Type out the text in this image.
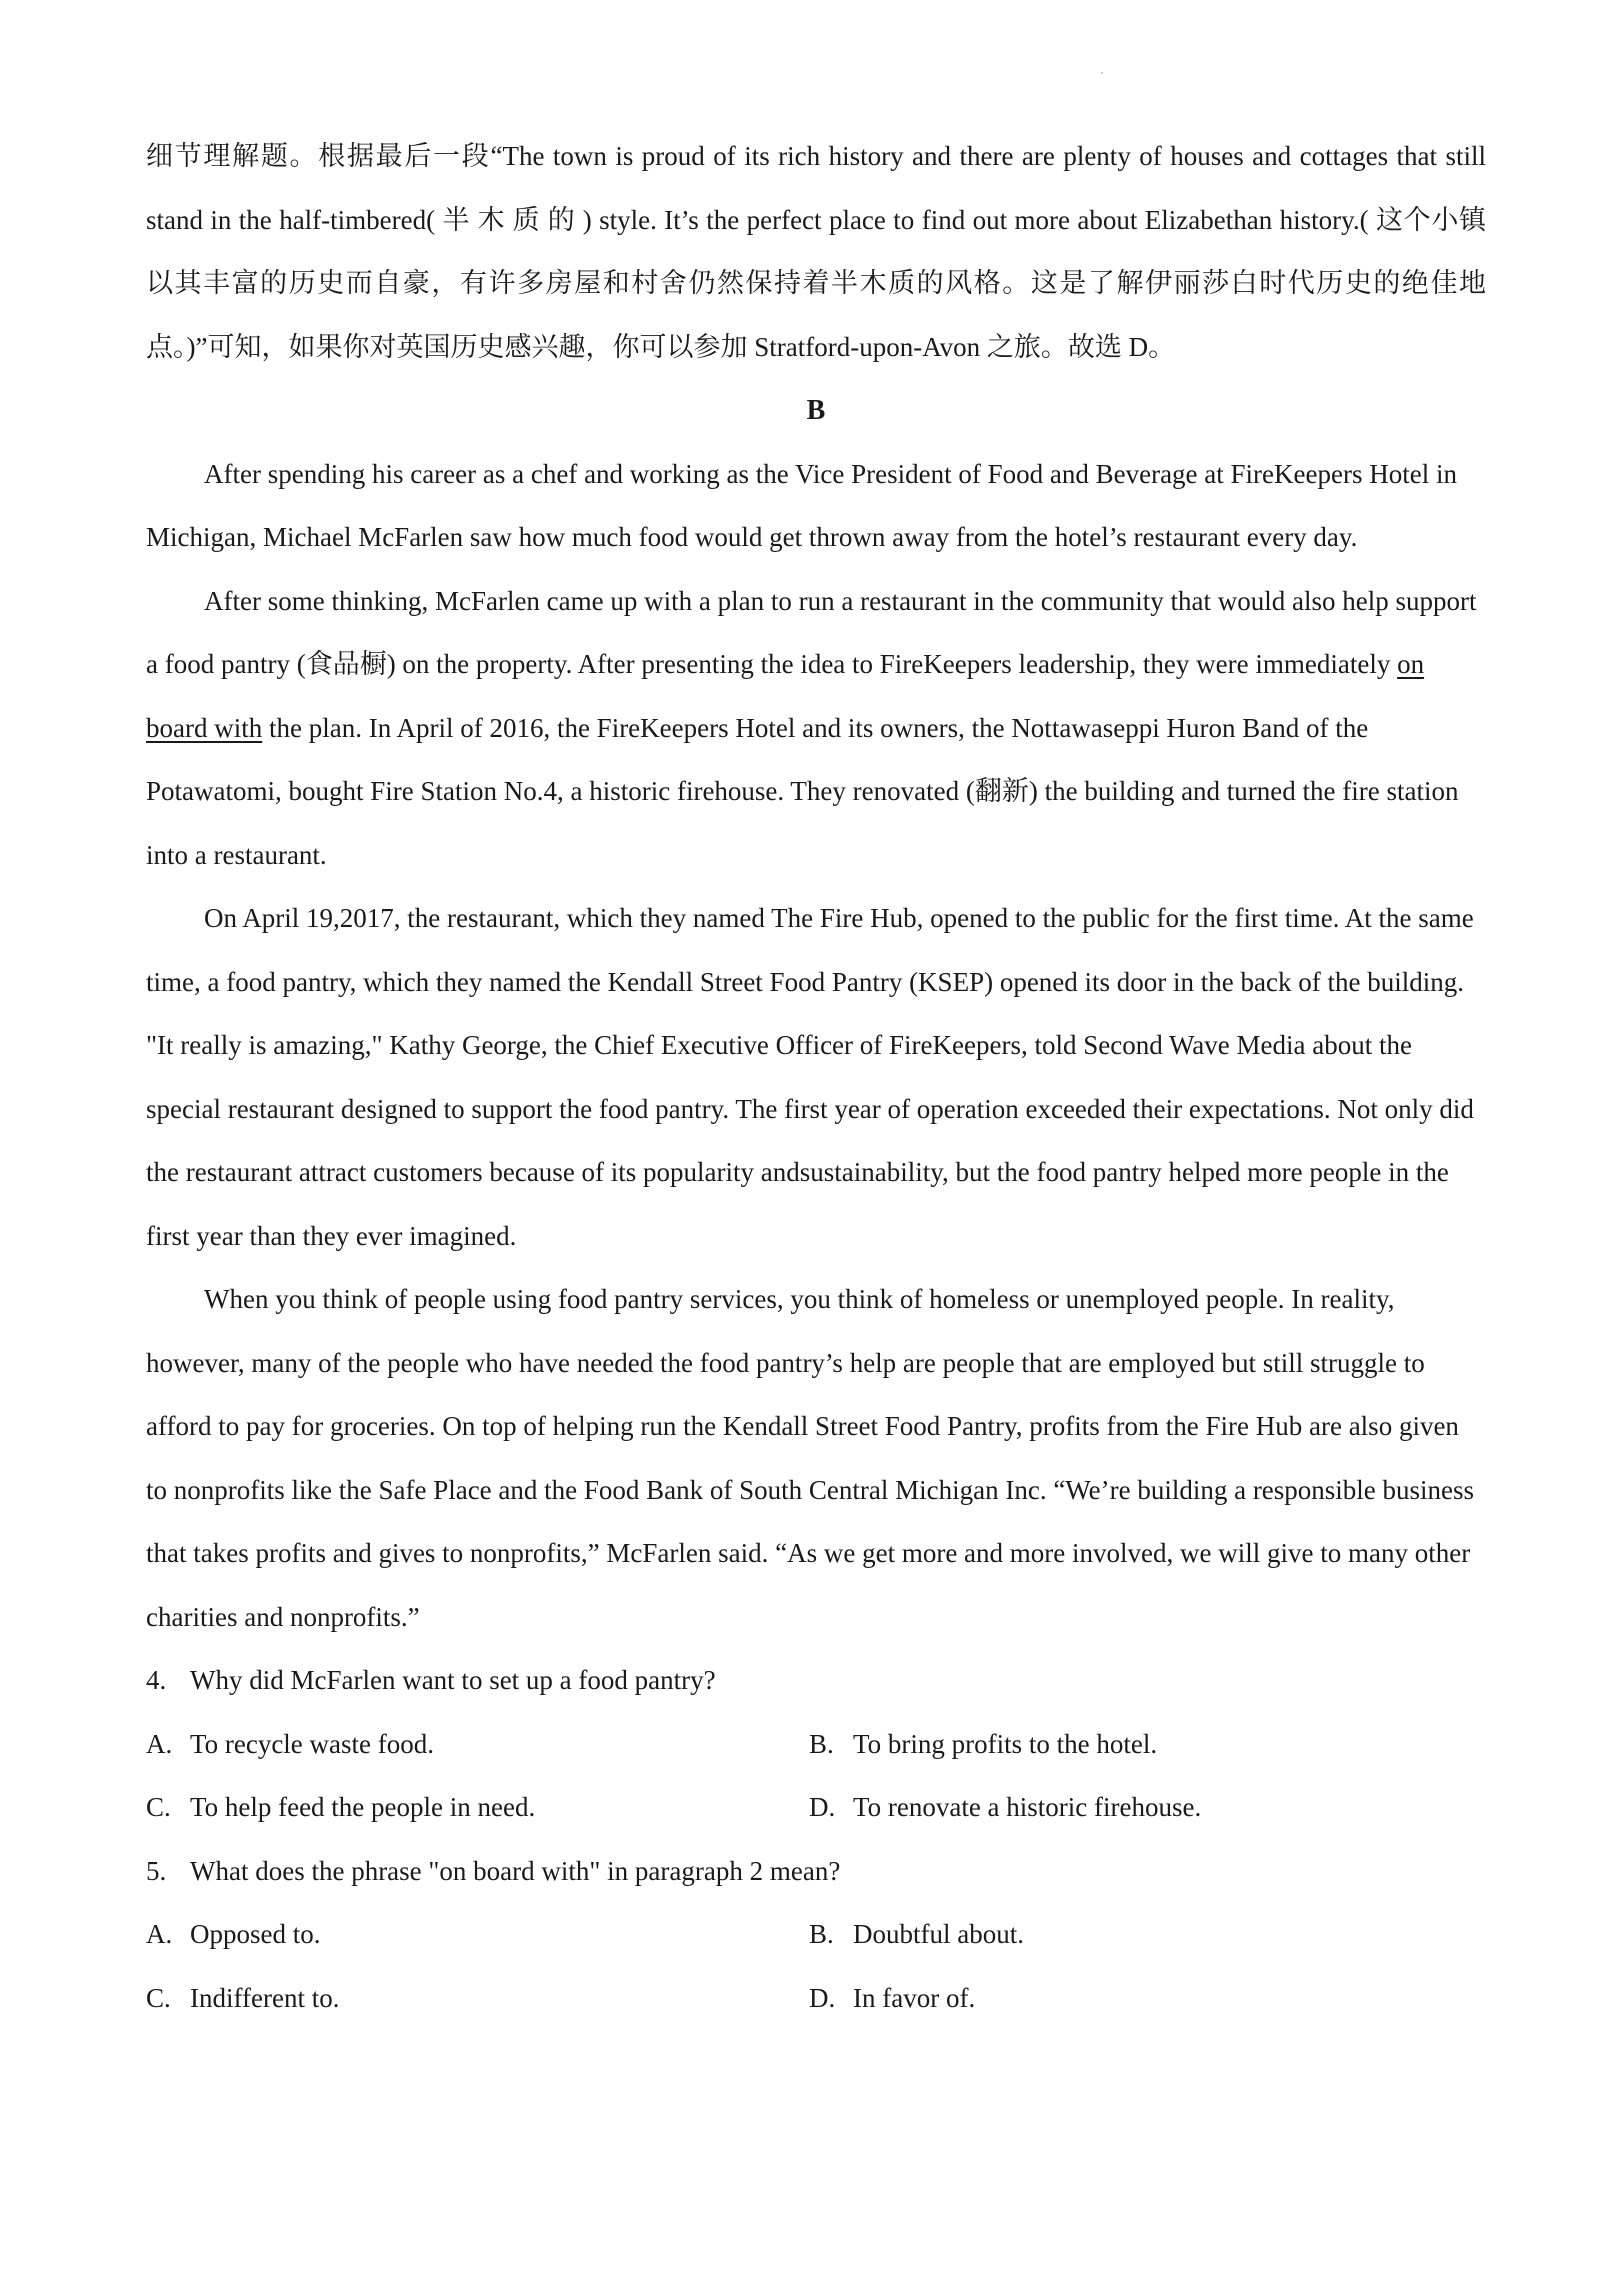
细节理解题。根据最后一段“The town is proud of its rich history and there are plenty of houses and cottages that still stand in the half-timbered( 半 木 质 的 ) style. It’s the perfect place to find out more about Elizabethan history.( 这个小镇以其丰富的历史而自豪，有许多房屋和村舍仍然保持着半木质的风格。这是了解伊丽莎白时代历史的绝佳地点。)”可知，如果你对英国历史感兴趣，你可以参加 Stratford-upon-Avon 之旅。故选 D。

B

After spending his career as a chef and working as the Vice President of Food and Beverage at FireKeepers Hotel in Michigan, Michael McFarlen saw how much food would get thrown away from the hotel’s restaurant every day.

After some thinking, McFarlen came up with a plan to run a restaurant in the community that would also help support a food pantry (食品橱) on the property. After presenting the idea to FireKeepers leadership, they were immediately on board with the plan. In April of 2016, the FireKeepers Hotel and its owners, the Nottawaseppi Huron Band of the Potawatomi, bought Fire Station No.4, a historic firehouse. They renovated (翻新) the building and turned the fire station into a restaurant.

On April 19,2017, the restaurant, which they named The Fire Hub, opened to the public for the first time. At the same time, a food pantry, which they named the Kendall Street Food Pantry (KSEP) opened its door in the back of the building. "It really is amazing," Kathy George, the Chief Executive Officer of FireKeepers, told Second Wave Media about the special restaurant designed to support the food pantry. The first year of operation exceeded their expectations. Not only did the restaurant attract customers because of its popularity andsustainability, but the food pantry helped more people in the first year than they ever imagined.

When you think of people using food pantry services, you think of homeless or unemployed people. In reality, however, many of the people who have needed the food pantry’s help are people that are employed but still struggle to afford to pay for groceries. On top of helping run the Kendall Street Food Pantry, profits from the Fire Hub are also given to nonprofits like the Safe Place and the Food Bank of South Central Michigan Inc. “We’re building a responsible business that takes profits and gives to nonprofits,” McFarlen said. “As we get more and more involved, we will give to many other charities and nonprofits.”

4. Why did McFarlen want to set up a food pantry?

A. To recycle waste food.	B. To bring profits to the hotel.
C. To help feed the people in need.	D. To renovate a historic firehouse.

5. What does the phrase "on board with" in paragraph 2 mean?

A. Opposed to.	B. Doubtful about.
C. Indifferent to.	D. In favor of.
